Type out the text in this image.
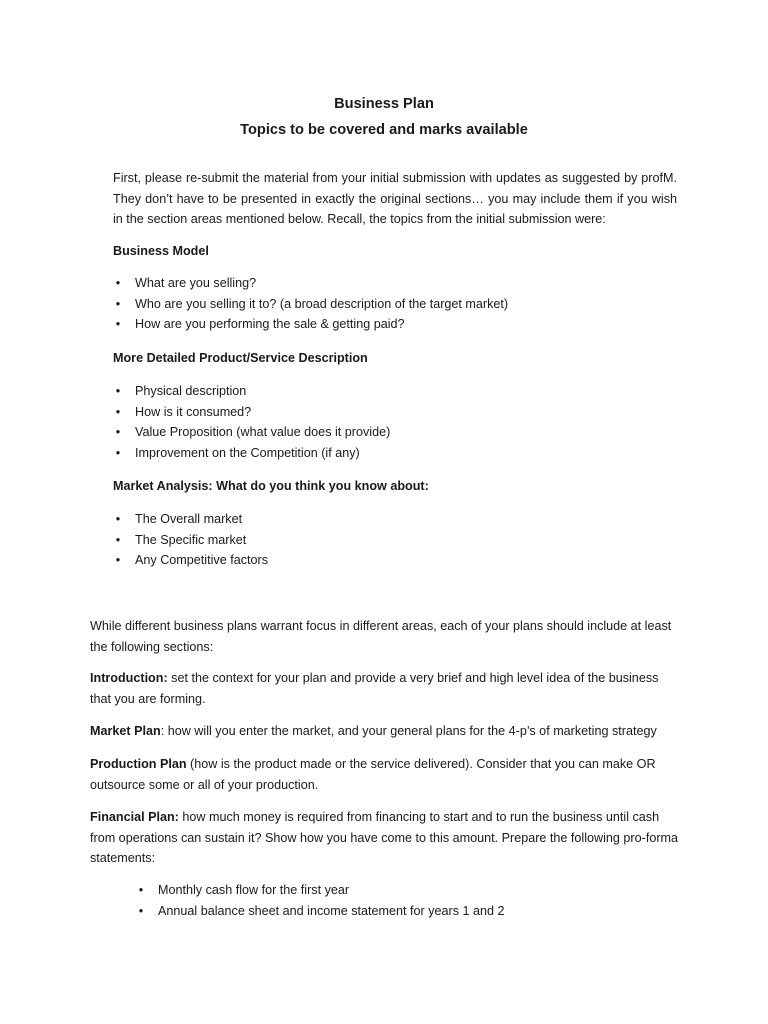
Business Plan
Topics to be covered and marks available

First, please re-submit the material from your initial submission with updates as suggested by profM. They don’t have to be presented in exactly the original sections… you may include them if you wish in the section areas mentioned below. Recall, the topics from the initial submission were:

Business Model

• What are you selling?
• Who are you selling it to? (a broad description of the target market)
• How are you performing the sale & getting paid?

More Detailed Product/Service Description

• Physical description
• How is it consumed?
• Value Proposition (what value does it provide)
• Improvement on the Competition (if any)

Market Analysis: What do you think you know about:

• The Overall market
• The Specific market
• Any Competitive factors

While different business plans warrant focus in different areas, each of your plans should include at least the following sections:

Introduction: set the context for your plan and provide a very brief and high level idea of the business that you are forming.

Market Plan: how will you enter the market, and your general plans for the 4-p’s of marketing strategy

Production Plan (how is the product made or the service delivered). Consider that you can make OR outsource some or all of your production.

Financial Plan: how much money is required from financing to start and to run the business until cash from operations can sustain it? Show how you have come to this amount. Prepare the following pro-forma statements:

• Monthly cash flow for the first year
• Annual balance sheet and income statement for years 1 and 2
